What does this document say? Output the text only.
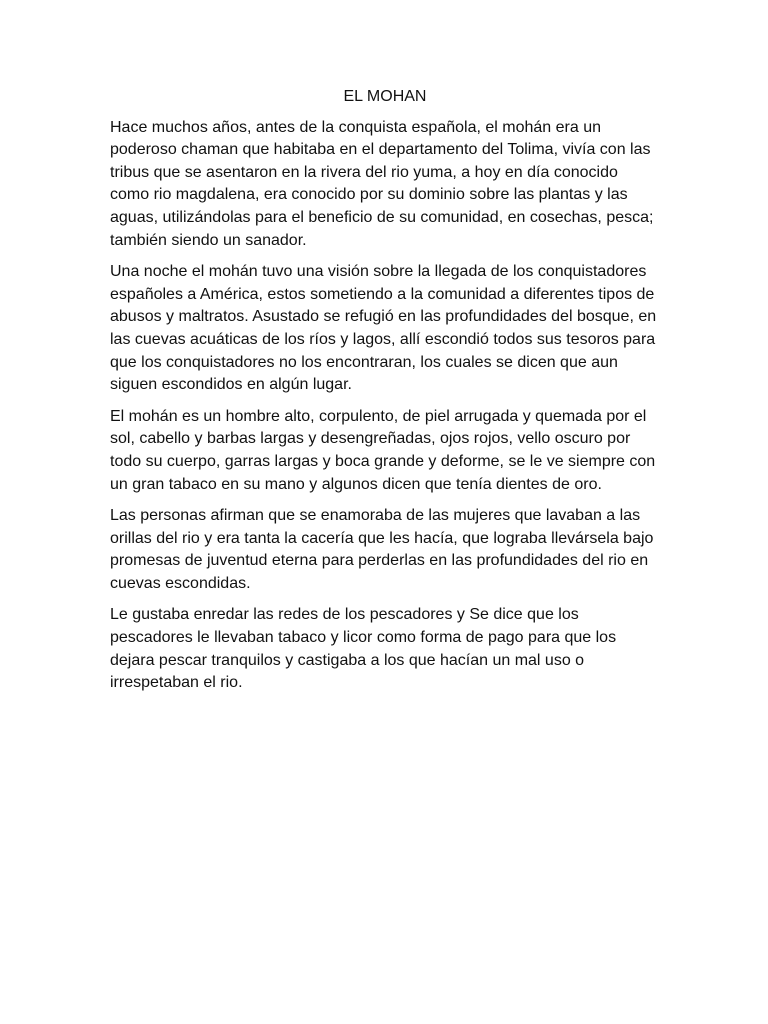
EL MOHAN

Hace muchos años, antes de la conquista española, el mohán era un poderoso chaman que habitaba en el departamento del Tolima, vivía con las tribus que se asentaron en la rivera del rio yuma, a hoy en día conocido como rio magdalena, era conocido por su dominio sobre las plantas y las aguas, utilizándolas para el beneficio de su comunidad, en cosechas, pesca; también siendo un sanador.

Una noche el mohán tuvo una visión sobre la llegada de los conquistadores españoles a América, estos sometiendo a la comunidad a diferentes tipos de abusos y maltratos. Asustado se refugió en las profundidades del bosque, en las cuevas acuáticas de los ríos y lagos, allí escondió todos sus tesoros para que los conquistadores no los encontraran, los cuales se dicen que aun siguen escondidos en algún lugar.

El mohán es un hombre alto, corpulento, de piel arrugada y quemada por el sol, cabello y barbas largas y desengreñadas, ojos rojos, vello oscuro por todo su cuerpo, garras largas y boca grande y deforme, se le ve siempre con un gran tabaco en su mano y algunos dicen que tenía dientes de oro.

Las personas afirman que se enamoraba de las mujeres que lavaban a las orillas del rio y era tanta la cacería que les hacía, que lograba llevársela bajo promesas de juventud eterna para perderlas en las profundidades del rio en cuevas escondidas.

Le gustaba enredar las redes de los pescadores y Se dice que los pescadores le llevaban tabaco y licor como forma de pago para que los dejara pescar tranquilos y castigaba a los que hacían un mal uso o irrespetaban el rio.
